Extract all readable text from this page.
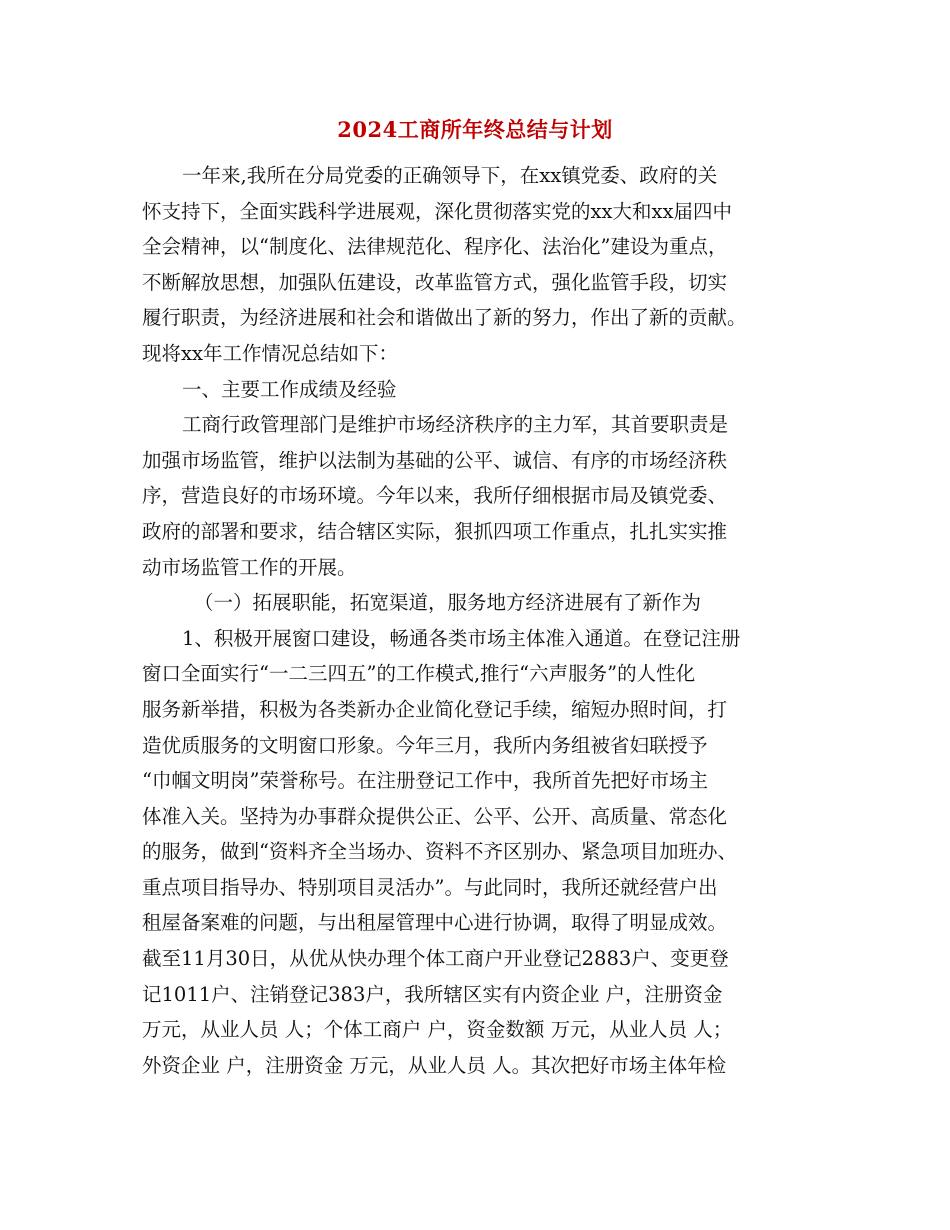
2024工商所年终总结与计划
一年来,我所在分局党委的正确领导下，在xx镇党委、政府的关
怀支持下，全面实践科学进展观，深化贯彻落实党的xx大和xx届四中
全会精神，以“制度化、法律规范化、程序化、法治化”建设为重点，
不断解放思想，加强队伍建设，改革监管方式，强化监管手段，切实
履行职责，为经济进展和社会和谐做出了新的努力，作出了新的贡献。
现将xx年工作情况总结如下：
一、主要工作成绩及经验
工商行政管理部门是维护市场经济秩序的主力军，其首要职责是
加强市场监管，维护以法制为基础的公平、诚信、有序的市场经济秩
序，营造良好的市场环境。今年以来，我所仔细根据市局及镇党委、
政府的部署和要求，结合辖区实际，狠抓四项工作重点，扎扎实实推
动市场监管工作的开展。
（一）拓展职能，拓宽渠道，服务地方经济进展有了新作为
1、积极开展窗口建设，畅通各类市场主体准入通道。在登记注册
窗口全面实行“一二三四五”的工作模式,推行“六声服务”的人性化
服务新举措，积极为各类新办企业简化登记手续，缩短办照时间，打
造优质服务的文明窗口形象。今年三月，我所内务组被省妇联授予
“巾帼文明岗”荣誉称号。在注册登记工作中，我所首先把好市场主
体准入关。坚持为办事群众提供公正、公平、公开、高质量、常态化
的服务，做到“资料齐全当场办、资料不齐区别办、紧急项目加班办、
重点项目指导办、特别项目灵活办”。与此同时，我所还就经营户出
租屋备案难的问题，与出租屋管理中心进行协调，取得了明显成效。
截至11月30日，从优从快办理个体工商户开业登记2883户、变更登
记1011户、注销登记383户，我所辖区实有内资企业 户，注册资金
万元，从业人员 人；个体工商户 户，资金数额 万元，从业人员 人；
外资企业 户，注册资金 万元，从业人员 人。其次把好市场主体年检
